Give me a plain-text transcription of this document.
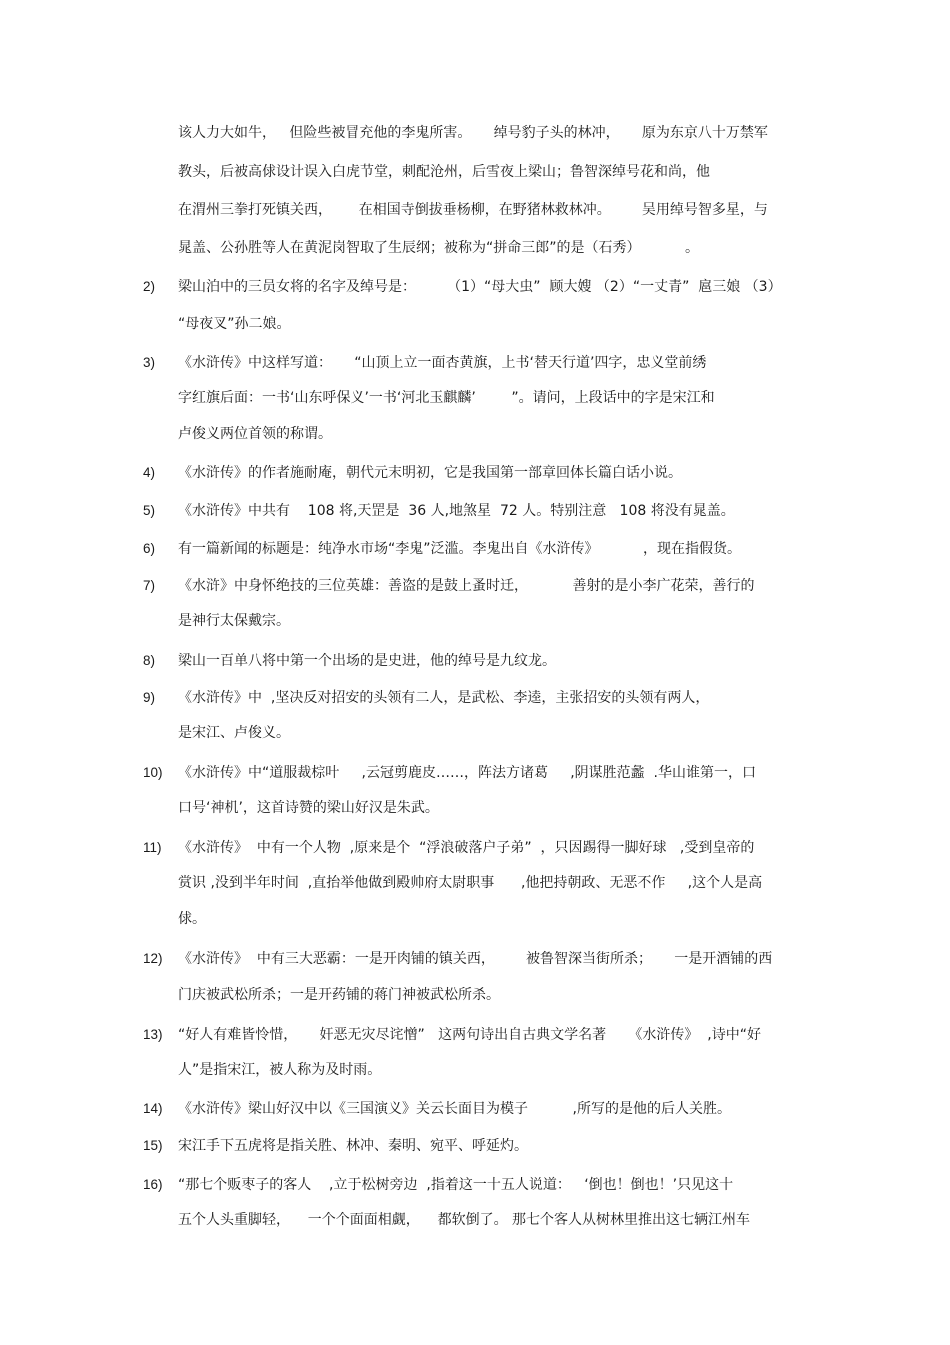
该人力大如牛，   但险些被冒充他的李鬼所害。     绰号豹子头的林冲，     原为东京八十万禁军
教头，后被高俅设计误入白虎节堂，刺配沧州，后雪夜上梁山；鲁智深绰号花和尚，他
在渭州三拳打死镇关西，      在相国寺倒拔垂杨柳，在野猪林救林冲。       吴用绰号智多星，与
晁盖、公孙胜等人在黄泥岗智取了生辰纲；被称为“拼命三郎”的是（石秀）          。
2)	梁山泊中的三员女将的名字及绰号是：       （1）“母大虫”  顾大嫂 （2）“一丈青”  扈三娘 （3）
“母夜叉”孙二娘。
3)	《水浒传》中这样写道：     “山顶上立一面杏黄旗，上书‘替天行道’四字，忠义堂前绣
字红旗后面：一书‘山东呼保义’一书‘河北玉麒麟’        ”。请问，上段话中的字是宋江和
卢俊义两位首领的称谓。
4)	《水浒传》的作者施耐庵，朝代元末明初，它是我国第一部章回体长篇白话小说。
5)	《水浒传》中共有    108 将,天罡是  36 人,地煞星  72 人。特别注意   108 将没有晁盖。
6)	有一篇新闻的标题是：纯净水市场“李鬼”泛滥。李鬼出自《水浒传》          ，现在指假货。
7)	《水浒》中身怀绝技的三位英雄：善盗的是鼓上蚤时迁，          善射的是小李广花荣，善行的
是神行太保戴宗。
8)	梁山一百单八将中第一个出场的是史进，他的绰号是九纹龙。
9)	《水浒传》中  ,坚决反对招安的头领有二人，是武松、李逵，主张招安的头领有两人，
是宋江、卢俊义。
10)	《水浒传》中“道服裁棕叶     ,云冠剪鹿皮……，阵法方诸葛     ,阴谋胜范蠡  .华山谁第一，口
口号‘神机’，这首诗赞的梁山好汉是朱武。
11)	《水浒传》  中有一个人物  ,原来是个  “浮浪破落户子弟”  ，只因踢得一脚好球   ,受到皇帝的
赏识 ,没到半年时间  ,直抬举他做到殿帅府太尉职事      ,他把持朝政、无恶不作     ,这个人是高
俅。
12)	《水浒传》  中有三大恶霸：一是开肉铺的镇关西，       被鲁智深当街所杀；     一是开酒铺的西
门庆被武松所杀；一是开药铺的蒋门神被武松所杀。
13)	“好人有难皆怜惜，     奸恶无灾尽诧憎”   这两句诗出自古典文学名著     《水浒传》  ,诗中“好
人”是指宋江，被人称为及时雨。
14)	《水浒传》梁山好汉中以《三国演义》关云长面目为模子          ,所写的是他的后人关胜。
15)	宋江手下五虎将是指关胜、林冲、秦明、宛平、呼延灼。
16)	“那七个贩枣子的客人    ,立于松树旁边  ,指着这一十五人说道：   ‘倒也！倒也！’只见这十
五个人头重脚轻，    一个个面面相觑，    都软倒了。 那七个客人从树林里推出这七辆江州车
